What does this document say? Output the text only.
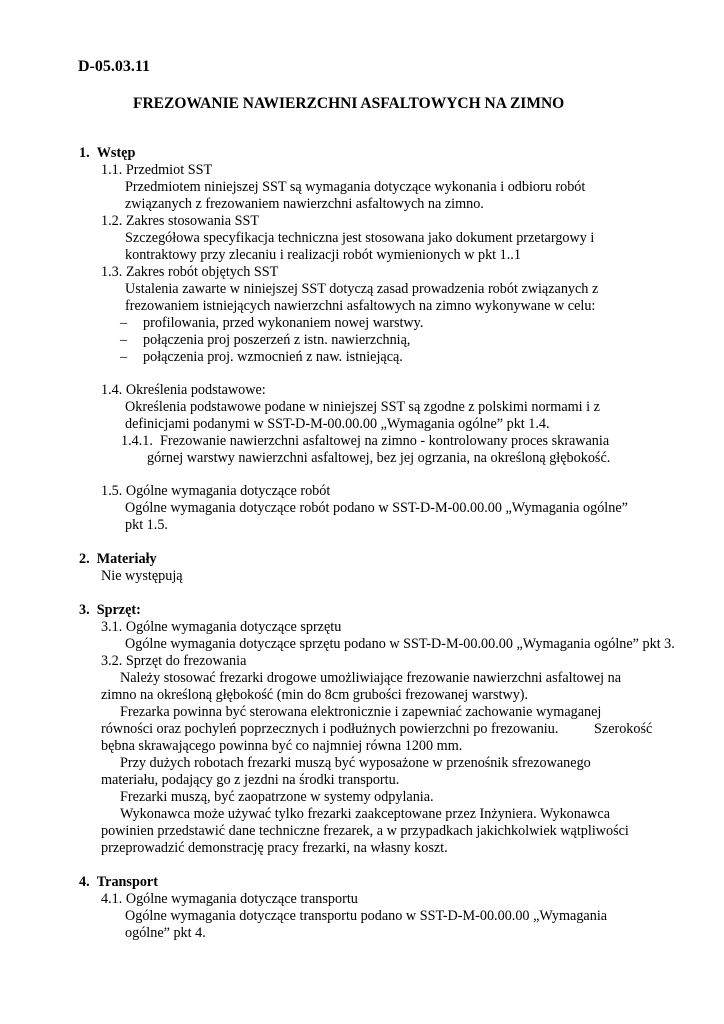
D-05.03.11
FREZOWANIE NAWIERZCHNI ASFALTOWYCH NA ZIMNO
1.  Wstęp
1.1. Przedmiot SST
Przedmiotem niniejszej SST są wymagania dotyczące wykonania i odbioru robót
związanych z frezowaniem nawierzchni asfaltowych na zimno.
1.2. Zakres stosowania SST
Szczegółowa specyfikacja techniczna jest stosowana jako dokument przetargowy i
kontraktowy przy zlecaniu i realizacji robót wymienionych w pkt 1..1
1.3. Zakres robót objętych SST
Ustalenia zawarte w niniejszej SST dotyczą zasad prowadzenia robót związanych z
frezowaniem istniejących nawierzchni asfaltowych na zimno wykonywane w celu:
– profilowania, przed wykonaniem nowej warstwy.
– połączenia proj poszerzeń z istn. nawierzchnią,
– połączenia proj. wzmocnień z naw. istniejącą.
1.4. Określenia podstawowe:
Określenia podstawowe podane w niniejszej SST są zgodne z polskimi normami i z
definicjami podanymi w SST-D-M-00.00.00 „Wymagania ogólne” pkt 1.4.
1.4.1.  Frezowanie nawierzchni asfaltowej na zimno - kontrolowany proces skrawania
górnej warstwy nawierzchni asfaltowej, bez jej ogrzania, na określoną głębokość.
1.5. Ogólne wymagania dotyczące robót
Ogólne wymagania dotyczące robót podano w SST-D-M-00.00.00 „Wymagania ogólne”
pkt 1.5.
2.  Materiały
Nie występują
3.  Sprzęt:
3.1. Ogólne wymagania dotyczące sprzętu
Ogólne wymagania dotyczące sprzętu podano w SST-D-M-00.00.00 „Wymagania ogólne” pkt 3.
3.2. Sprzęt do frezowania
Należy stosować frezarki drogowe umożliwiające frezowanie nawierzchni asfaltowej na
zimno na określoną głębokość (min do 8cm grubości frezowanej warstwy).
Frezarka powinna być sterowana elektronicznie i zapewniać zachowanie wymaganej
równości oraz pochyleń poprzecznych i podłużnych powierzchni po frezowaniu.	Szerokość
bębna skrawającego powinna być co najmniej równa 1200 mm.
Przy dużych robotach frezarki muszą być wyposażone w przenośnik sfrezowanego
materiału, podający go z jezdni na środki transportu.
Frezarki muszą, być zaopatrzone w systemy odpylania.
Wykonawca może używać tylko frezarki zaakceptowane przez Inżyniera. Wykonawca
powinien przedstawić dane techniczne frezarek, a w przypadkach jakichkolwiek wątpliwości
przeprowadzić demonstrację pracy frezarki, na własny koszt.
4.  Transport
4.1. Ogólne wymagania dotyczące transportu
Ogólne wymagania dotyczące transportu podano w SST-D-M-00.00.00 „Wymagania
ogólne” pkt 4.
